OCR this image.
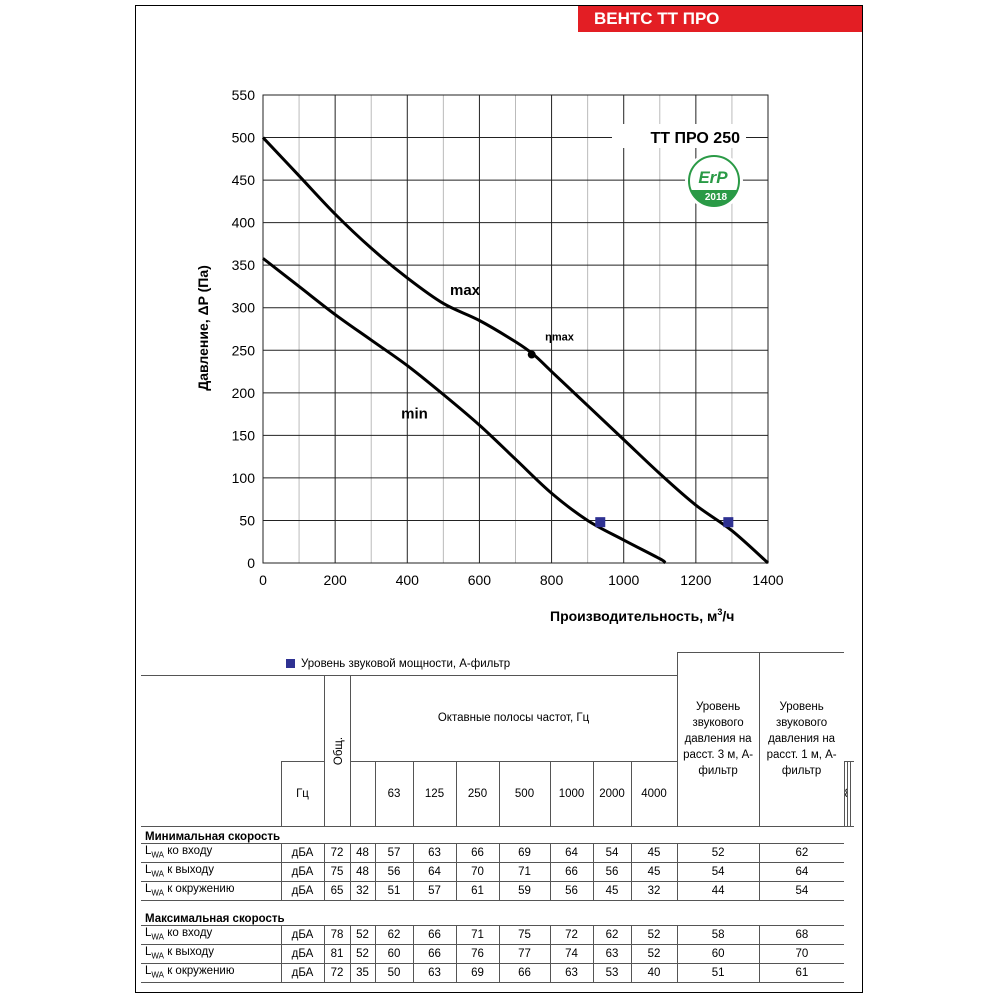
ВЕНТС ТТ ПРО
0
50
100
150
200
250
300
350
400
450
500
550
0	200	400	600	800	1000	1200	1400
max
min
ηmax
Давление, ΔP (Па)
Производительность, $м^3/ч$
ТТ ПРО 250
ErP
2018
Уровень звуковой мощности, А-фильтр											Уровень звукового давления на расст. 3 м, А-фильтр	Уровень звукового давления на расст. 1 м, А-фильтр			
		Общ.	Октавные полосы частот, Гц												
	Гц			63	125	250	500	1000	2000	4000			
Минимальная скорость															
$L_{WA}$ ко входу	дБА	72	48	57	63	66	69	64	54	45	52	62			
$L_{WA}$ к выходу	дБА	75	48	56	64	70	71	66	56	45	54	64			
$L_{WA}$ к окружению	дБА	65	32	51	57	61	59	56	45	32	44	54			
Максимальная скорость															
$L_{WA}$ ко входу	дБА	78	52	62	66	71	75	72	62	52	58	68			
$L_{WA}$ к выходу	дБА	81	52	60	66	76	77	74	63	52	60	70			
$L_{WA}$ к окружению	дБА	72	35	50	63	69	66	63	53	40	51	61			
